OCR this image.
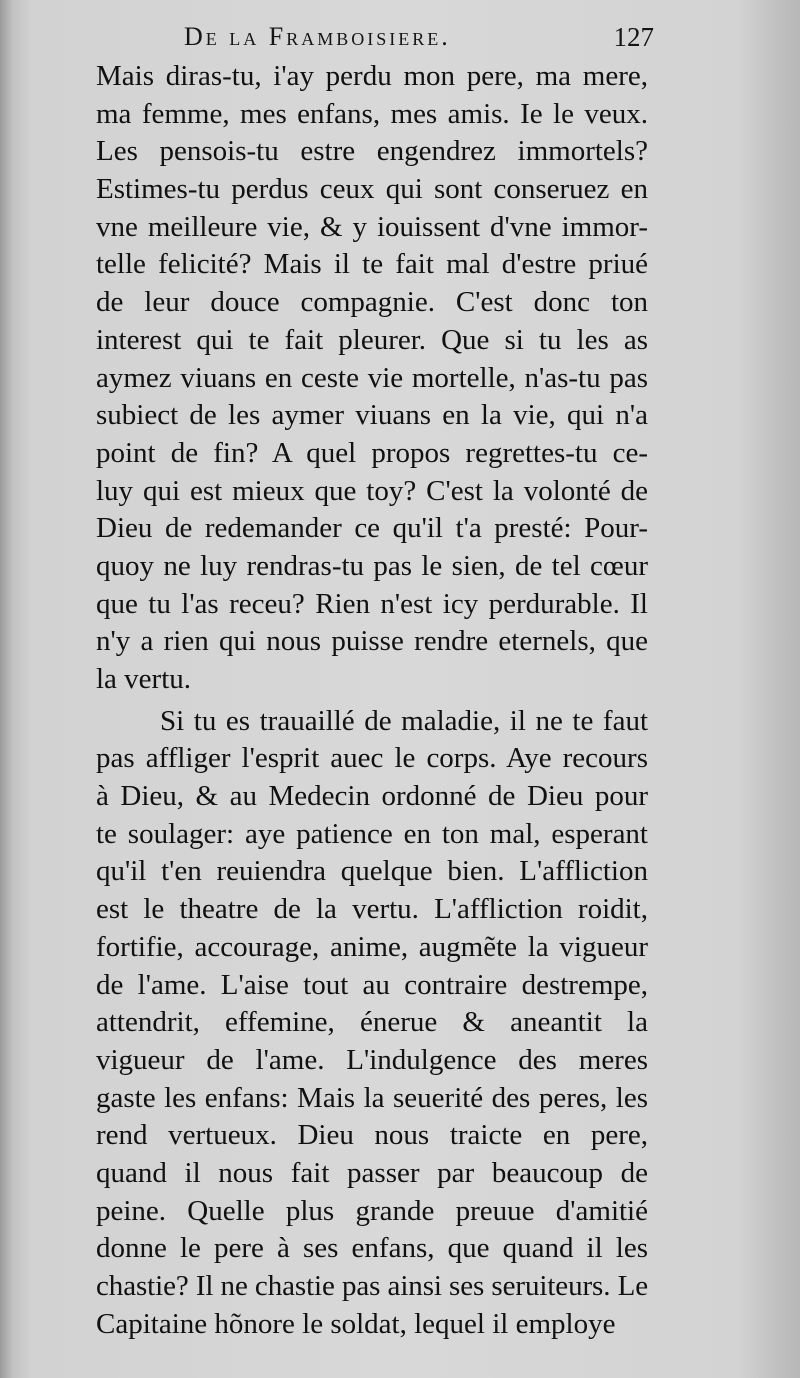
De la Framboisiere.	127
Mais diras-tu, i'ay perdu mon pere, ma mere,
ma femme, mes enfans, mes amis. Ie le veux.
Les pensois-tu estre engendrez immortels?
Estimes-tu perdus ceux qui sont conseruez en
vne meilleure vie, & y iouissent d'vne immor-
telle felicité? Mais il te fait mal d'estre priué
de leur douce compagnie. C'est donc ton
interest qui te fait pleurer. Que si tu les as
aymez viuans en ceste vie mortelle, n'as-tu pas
subiect de les aymer viuans en la vie, qui n'a
point de fin? A quel propos regrettes-tu ce-
luy qui est mieux que toy? C'est la volonté de
Dieu de redemander ce qu'il t'a presté: Pour-
quoy ne luy rendras-tu pas le sien, de tel cœur
que tu l'as receu? Rien n'est icy perdurable. Il
n'y a rien qui nous puisse rendre eternels, que
la vertu.
Si tu es trauaillé de maladie, il ne te faut
pas affliger l'esprit auec le corps. Aye recours
à Dieu, & au Medecin ordonné de Dieu pour
te soulager: aye patience en ton mal, esperant
qu'il t'en reuiendra quelque bien. L'affliction
est le theatre de la vertu. L'affliction roidit,
fortifie, accourage, anime, augmẽte la vigueur
de l'ame. L'aise tout au contraire destrempe,
attendrit, effemine, énerue & aneantit la
vigueur de l'ame. L'indulgence des meres
gaste les enfans: Mais la seuerité des peres, les
rend vertueux. Dieu nous traicte en pere,
quand il nous fait passer par beaucoup de
peine. Quelle plus grande preuue d'amitié
donne le pere à ses enfans, que quand il les
chastie? Il ne chastie pas ainsi ses seruiteurs. Le
Capitaine hõnore le soldat, lequel il employe
